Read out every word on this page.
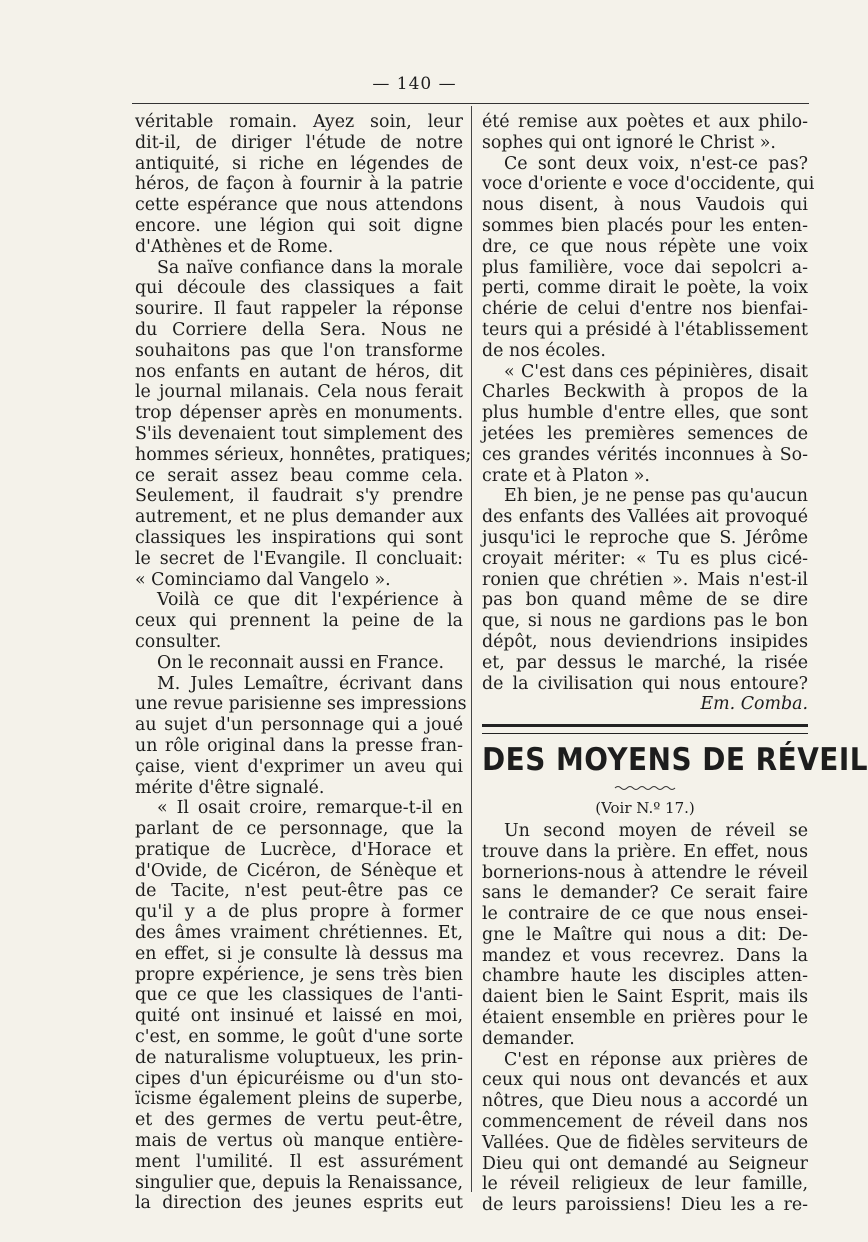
— 140 —
véritable romain. Ayez soin, leur
dit-il, de diriger l'étude de notre
antiquité, si riche en légendes de
héros, de façon à fournir à la patrie
cette espérance que nous attendons
encore. une légion qui soit digne
d'Athènes et de Rome.
Sa naïve confiance dans la morale
qui découle des classiques a fait
sourire. Il faut rappeler la réponse
du Corriere della Sera. Nous ne
souhaitons pas que l'on transforme
nos enfants en autant de héros, dit
le journal milanais. Cela nous ferait
trop dépenser après en monuments.
S'ils devenaient tout simplement des
hommes sérieux, honnêtes, pratiques;
ce serait assez beau comme cela.
Seulement, il faudrait s'y prendre
autrement, et ne plus demander aux
classiques les inspirations qui sont
le secret de l'Evangile. Il concluait:
« Cominciamo dal Vangelo ».
Voilà ce que dit l'expérience à
ceux qui prennent la peine de la
consulter.
On le reconnait aussi en France.
M. Jules Lemaître, écrivant dans
une revue parisienne ses impressions
au sujet d'un personnage qui a joué
un rôle original dans la presse fran-
çaise, vient d'exprimer un aveu qui
mérite d'être signalé.
« Il osait croire, remarque-t-il en
parlant de ce personnage, que la
pratique de Lucrèce, d'Horace et
d'Ovide, de Cicéron, de Sénèque et
de Tacite, n'est peut-être pas ce
qu'il y a de plus propre à former
des âmes vraiment chrétiennes. Et,
en effet, si je consulte là dessus ma
propre expérience, je sens très bien
que ce que les classiques de l'anti-
quité ont insinué et laissé en moi,
c'est, en somme, le goût d'une sorte
de naturalisme voluptueux, les prin-
cipes d'un épicuréisme ou d'un sto-
ïcisme également pleins de superbe,
et des germes de vertu peut-être,
mais de vertus où manque entière-
ment l'umilité. Il est assurément
singulier que, depuis la Renaissance,
la direction des jeunes esprits eut
été remise aux poètes et aux philo-
sophes qui ont ignoré le Christ ».
Ce sont deux voix, n'est-ce pas?
voce d'oriente e voce d'occidente, qui
nous disent, à nous Vaudois qui
sommes bien placés pour les enten-
dre, ce que nous répète une voix
plus familière, voce dai sepolcri a-
perti, comme dirait le poète, la voix
chérie de celui d'entre nos bienfai-
teurs qui a présidé à l'établissement
de nos écoles.
« C'est dans ces pépinières, disait
Charles Beckwith à propos de la
plus humble d'entre elles, que sont
jetées les premières semences de
ces grandes vérités inconnues à So-
crate et à Platon ».
Eh bien, je ne pense pas qu'aucun
des enfants des Vallées ait provoqué
jusqu'ici le reproche que S. Jérôme
croyait mériter: « Tu es plus cicé-
ronien que chrétien ». Mais n'est-il
pas bon quand même de se dire
que, si nous ne gardions pas le bon
dépôt, nous deviendrions insipides
et, par dessus le marché, la risée
de la civilisation qui nous entoure?
Em. Comba.
DES MOYENS DE RÉVEIL
(Voir N.º 17.)
Un second moyen de réveil se
trouve dans la prière. En effet, nous
bornerions-nous à attendre le réveil
sans le demander? Ce serait faire
le contraire de ce que nous ensei-
gne le Maître qui nous a dit: De-
mandez et vous recevrez. Dans la
chambre haute les disciples atten-
daient bien le Saint Esprit, mais ils
étaient ensemble en prières pour le
demander.
C'est en réponse aux prières de
ceux qui nous ont devancés et aux
nôtres, que Dieu nous a accordé un
commencement de réveil dans nos
Vallées. Que de fidèles serviteurs de
Dieu qui ont demandé au Seigneur
le réveil religieux de leur famille,
de leurs paroissiens! Dieu les a re-
